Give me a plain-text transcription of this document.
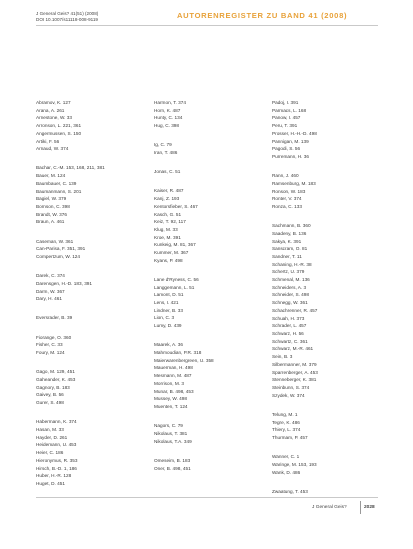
J General Geis? 41(51) (2008)
DOI 10.1007/s11118-008-9119	AUTORENREGISTER ZU BAND 41 (2008)
Abramov, K. 127
Arana, A. 261
Arnestone, W. 33
Arronson, L. 221, 361
Angermussen, S. 150
Artiki, F. 56
Arnaud, W. 374
Bachar, C.-M. 153, 168, 211, 381
Bauer, M. 124
Baumbauer, C. 139
Baumanmann, S. 201
Bagiel, W. 379
Bornson, C. 398
Brandt, W. 376
Braun, A. 461
Caseman, W. 361
Can-Parisa, F. 351, 391
Compertzum, W. 124
Darek, C. 374
Darensgen, H.-D. 183, 391
Darm, W. 367
Dary, H. 461
Eversrader, B. 39
Fiorange, O. 360
Fisher, C. 33
Foury, M. 124
Gago, M. 129, 451
Gaheander, K. 453
Gagnory, B. 183
Gaivey, B. 56
Gurer, S. 498
Habermann, K. 374
Hasan, M. 33
Hayder, D. 261
Heidemann, U. 453
Heier, C. 186
Hieronymus, R. 353
Hirsch, B.-D. 1, 186
Huber, H.-R. 128
Huget, D. 451
Harmon, T. 374
Horn, K. 487
Hunty, C. 134
Hug, C. 398
Ig, C. 79
Iran, T. 486
Jonas, C. 51
Kaiser, R. 487
Kanj, Z. 193
Kentorsfieber, S. 467
Kasch, G. 51
Keiz, T. 92, 117
Klug, M. 33
Kroe, M. 391
Kunkeig, M. 81, 367
Kummer, M. 367
Kyans, P. 498
Lane d'Ryness, C. 56
Langgemann, L. 51
Lamont, D. 51
Lens, I. 421
Lindner, B. 33
Lion, C. 3
Lumy, D. 439
Maarek, A. 36
Mahmoudian, P.R. 318
Maierwarenbergreen, U. 358
Mauerman, H. 498
Mesmann, M. 487
Morrison, M. 3
Munar, B. 498, 453
Mussey, W. 498
Muenten, T. 124
Nagors, C. 79
Nikolaus, T. 381
Nikolaus, T.A. 349
Omeseim, B. 183
Oner, B. 498, 451
Padoj, I. 391
Parmacs, L. 168
Panow, I. 457
Peru, T. 391
Prosser, H.-H.-D. 498
Pannigan, M. 139
Pagodi, S. 56
Purremann, H. 36
Rann, J. 460
Ramsenburg, M. 183
Ronson, W. 183
Ronter, V. 374
Ronza, C. 133
Sachmann, B. 360
Saadeny, B. 136
Sakya, K. 391
Sanscram, O. 81
Sandner, T. 11
Schaning, H.-R. 38
Schertz, U. 379
Schmenal, M. 136
Schneiders, A. 3
Schneider, S. 498
Schnegg, W. 361
Schachrenner, R. 457
Schuah, H. 373
Schrader, L. 457
Schwarz, H. 56
Schwartz, C. 361
Schwarz, M.-R. 461
Sein, B. 3
Silbermanner, M. 379
Sparrenberger, A. 453
Stenneberger, K. 381
Steinbunn, S. 374
Szydek, W. 374
Telung, M. 1
Tegre, K. 486
Thiery, L. 374
Thurmam, P. 457
Wanner, C. 1
Waringe, M. 153, 193
Wank, D. 486
Zwaatung, T. 453
J General Geis?	2028
